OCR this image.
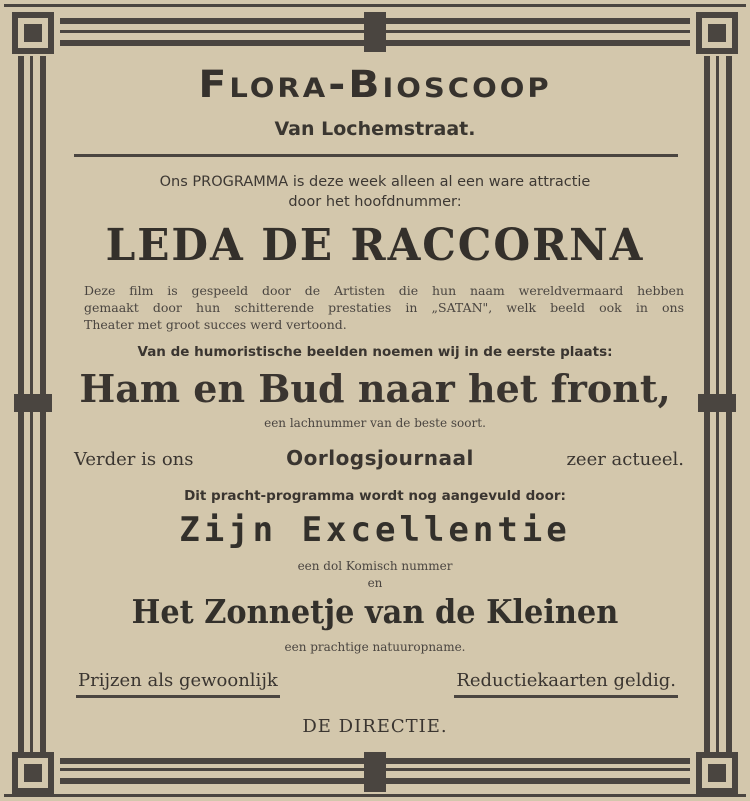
Flora-Bioscoop
Van Lochemstraat.
Ons PROGRAMMA is deze week alleen al een ware attractie
door het hoofdnummer:
LEDA DE RACCORNA
Deze film is gespeeld door de Artisten die hun naam wereldvermaard hebben
gemaakt door hun schitterende prestaties in „SATAN", welk beeld ook in ons
Theater met groot succes werd vertoond.
Van de humoristische beelden noemen wij in de eerste plaats:
Ham en Bud naar het front,
een lachnummer van de beste soort.
Verder is ons	Oorlogsjournaal	zeer actueel.
Dit pracht-programma wordt nog aangevuld door:
Zijn Excellentie
een dol Komisch nummer
en
Het Zonnetje van de Kleinen
een prachtige natuuropname.
Prijzen als gewoonlijk	Reductiekaarten geldig.
DE DIRECTIE.
